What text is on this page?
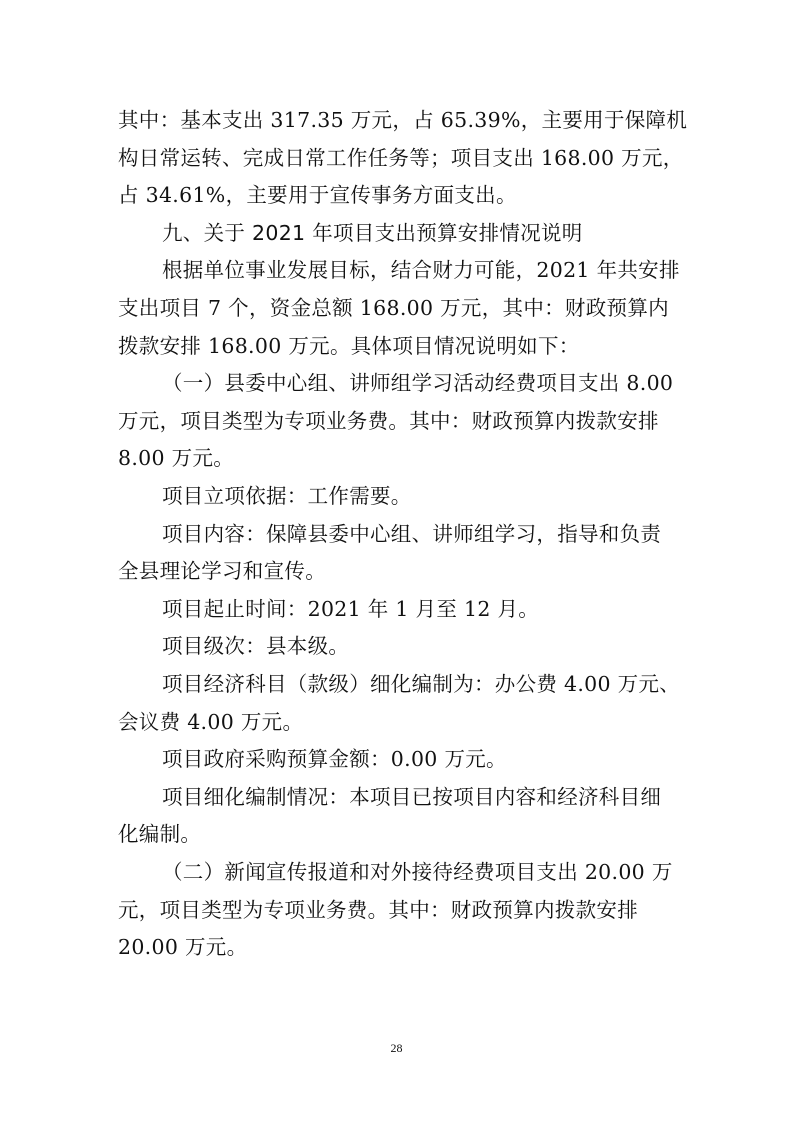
其中：基本支出 317.35 万元，占 65.39%，主要用于保障机
构日常运转、完成日常工作任务等；项目支出 168.00 万元，
占 34.61%，主要用于宣传事务方面支出。
九、关于 2021 年项目支出预算安排情况说明
根据单位事业发展目标，结合财力可能，2021 年共安排
支出项目 7 个，资金总额 168.00 万元，其中：财政预算内
拨款安排 168.00 万元。具体项目情况说明如下：
（一）县委中心组、讲师组学习活动经费项目支出 8.00
万元，项目类型为专项业务费。其中：财政预算内拨款安排
8.00 万元。
项目立项依据：工作需要。
项目内容：保障县委中心组、讲师组学习，指导和负责
全县理论学习和宣传。
项目起止时间：2021 年 1 月至 12 月。
项目级次：县本级。
项目经济科目（款级）细化编制为：办公费 4.00 万元、
会议费 4.00 万元。
项目政府采购预算金额：0.00 万元。
项目细化编制情况：本项目已按项目内容和经济科目细
化编制。
（二）新闻宣传报道和对外接待经费项目支出 20.00 万
元，项目类型为专项业务费。其中：财政预算内拨款安排
20.00 万元。
28
